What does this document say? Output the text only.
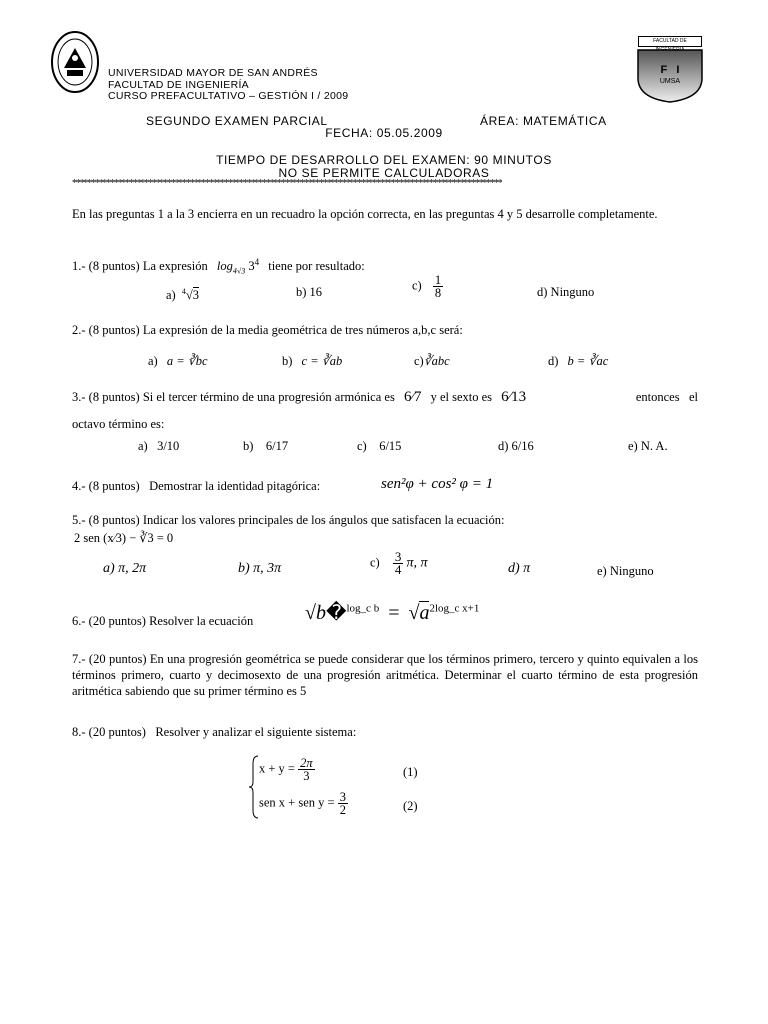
UNIVERSIDAD MAYOR DE SAN ANDRÉS
FACULTAD DE INGENIERÍA
CURSO PREFACULTATIVO – GESTIÓN I / 2009
FACULTAD DE
F   I
UMSA
SEGUNDO EXAMEN PARCIAL	ÁREA: MATEMÁTICA
FECHA: 05.05.2009
TIEMPO DE DESARROLLO DEL EXAMEN: 90 MINUTOS
NO SE PERMITE CALCULADORAS
*****************************************************************************************************************
En las preguntas 1 a la 3 encierra en un recuadro la opción correcta, en las preguntas 4 y 5 desarrolle completamente.
1.- (8 puntos) La expresión $\log_{4√3} 3^4$ tiene por resultado:
a) $^4$√3	b) 16	$c) \frac{1}{8}$	d) Ninguno
2.- (8 puntos) La expresión de la media geométrica de tres números a,b,c será:
a) a = ∛bc	b) c = ∛ab	c)∛abc	d) b = ∛ac
3.- (8 puntos) Si el tercer término de una progresión armónica es 6⁄7 y el sexto es 6⁄13	entonces   el
octavo término es:
a)   3/10	b)    6/17	c)    6/15	d) 6/16	e) N. A.
4.- (8 puntos)   Demostrar la identidad pitagórica:	sen²φ + cos² φ = 1
5.- (8 puntos) Indicar los valores principales de los ángulos que satisfacen la ecuación:
2 sen (x⁄3) − ∛3 = 0
a) π, 2π	b) π, 3π	$c) \frac{3}{4} \pi$, π	d) π	e) Ninguno
6.- (20 puntos) Resolver la ecuación	√b�$^{log\_c b}$ = $√a^{2log\_c x+1}$
7.- (20 puntos) En una progresión geométrica se puede considerar que los términos primero, tercero y quinto equivalen a los términos primero, cuarto y decimosexto de una progresión aritmética. Determinar el cuarto término de esta progresión aritmética sabiendo que su primer término es 5
8.- (20 puntos)   Resolver y analizar el siguiente sistema:
$x + y = \frac{2\pi}{3}$	(1)
sen x + sen $y = \frac{3}{2}$	(2)
